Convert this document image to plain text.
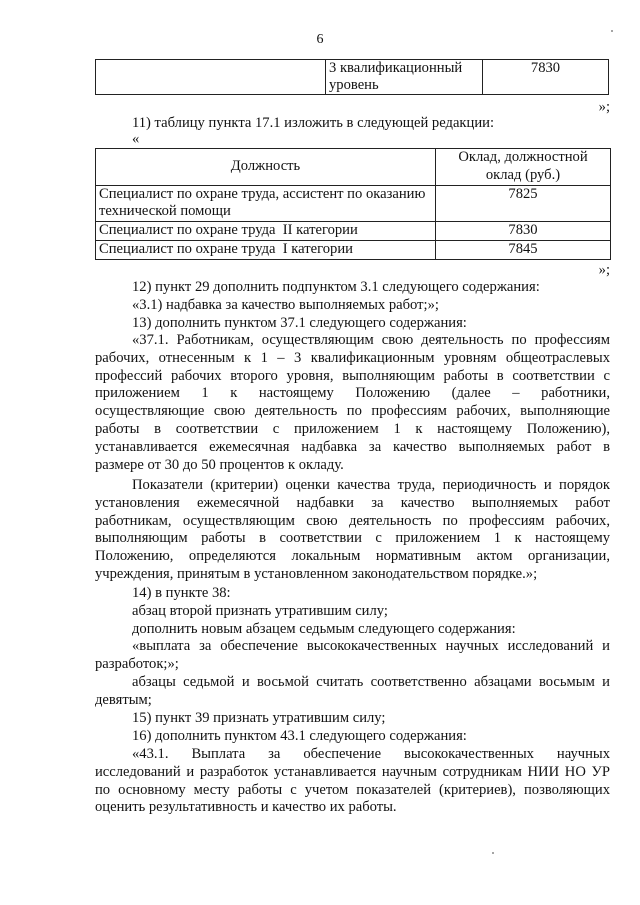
6
	3 квалификационный уровень	7830
»;
11) таблицу пункта 17.1 изложить в следующей редакции:
«
Должность	Оклад, должностной оклад (руб.)
Специалист по охране труда, ассистент по оказанию технической помощи	7825
Специалист по охране труда  II категории	7830
Специалист по охране труда  I категории	7845
»;
12) пункт 29 дополнить подпунктом 3.1 следующего содержания:
«3.1) надбавка за качество выполняемых работ;»;
13) дополнить пунктом 37.1 следующего содержания:
«37.1. Работникам, осуществляющим свою деятельность по профессиям
рабочих, отнесенным к 1 – 3 квалификационным уровням общеотраслевых
профессий рабочих второго уровня, выполняющим работы в соответствии с
приложением 1 к настоящему Положению (далее – работники,
осуществляющие свою деятельность по профессиям рабочих, выполняющие
работы в соответствии с приложением 1 к настоящему Положению),
устанавливается ежемесячная надбавка за качество выполняемых работ в
размере от 30 до 50 процентов к окладу.
Показатели (критерии) оценки качества труда, периодичность и порядок
установления ежемесячной надбавки за качество выполняемых работ
работникам, осуществляющим свою деятельность по профессиям рабочих,
выполняющим работы в соответствии с приложением 1 к настоящему
Положению, определяются локальным нормативным актом организации,
учреждения, принятым в установленном законодательством порядке.»;
14) в пункте 38:
абзац второй признать утратившим силу;
дополнить новым абзацем седьмым следующего содержания:
«выплата за обеспечение высококачественных научных исследований и
разработок;»;
абзацы седьмой и восьмой считать соответственно абзацами восьмым и
девятым;
15) пункт 39 признать утратившим силу;
16) дополнить пунктом 43.1 следующего содержания:
«43.1. Выплата за обеспечение высококачественных научных
исследований и разработок устанавливается научным сотрудникам НИИ НО УР
по основному месту работы с учетом показателей (критериев), позволяющих
оценить результативность и качество их работы.
